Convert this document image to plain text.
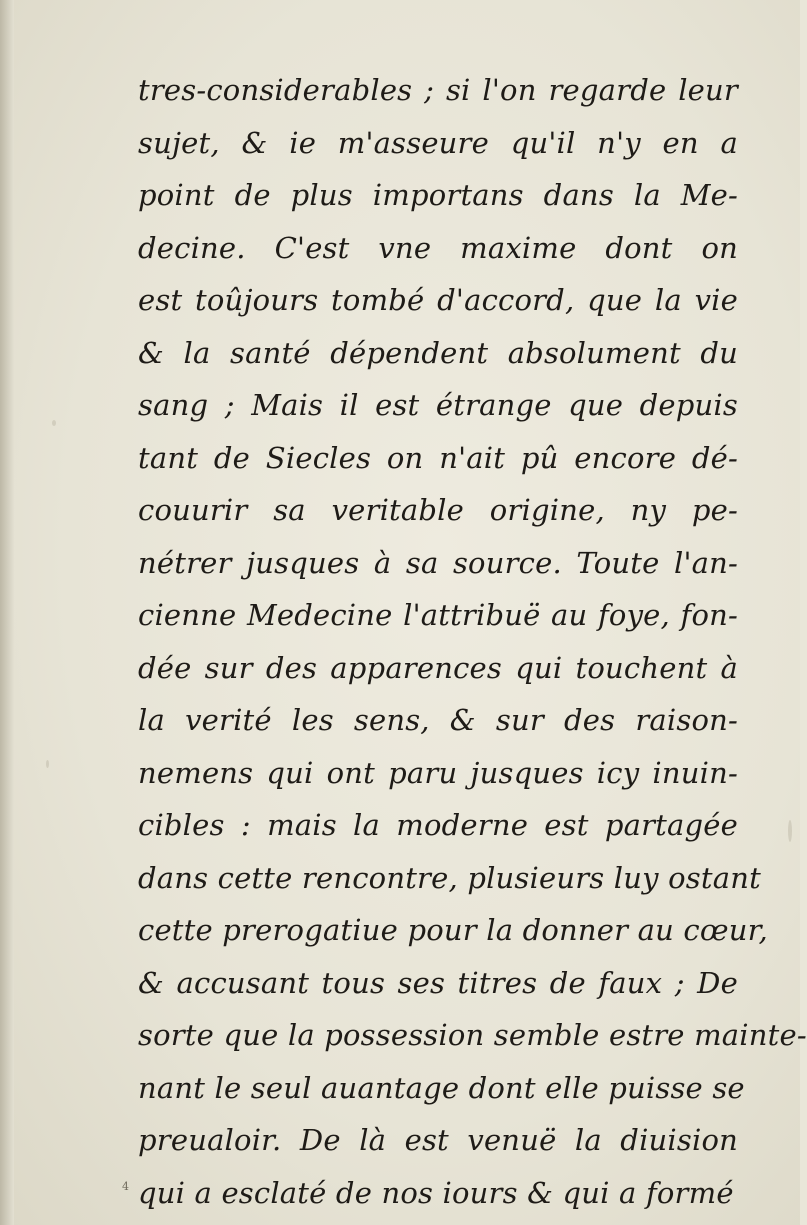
tres-considerables ; si l'on regarde leur
sujet, & ie m'asseure qu'il n'y en a
point de plus importans dans la Me-
decine. C'est vne maxime dont on
est toûjours tombé d'accord, que la vie
& la santé dépendent absolument du
sang ; Mais il est étrange que depuis
tant de Siecles on n'ait pû encore dé-
couurir sa veritable origine, ny pe-
nétrer jusques à sa source. Toute l'an-
cienne Medecine l'attribuë au foye, fon-
dée sur des apparences qui touchent à
la verité les sens, & sur des raison-
nemens qui ont paru jusques icy inuin-
cibles : mais la moderne est partagée
dans cette rencontre, plusieurs luy ostant
cette prerogatiue pour la donner au cœur,
& accusant tous ses titres de faux ; De
sorte que la possession semble estre mainte-
nant le seul auantage dont elle puisse se
preualoir. De là est venuë la diuision
qui a esclaté de nos iours & qui a formé
4
